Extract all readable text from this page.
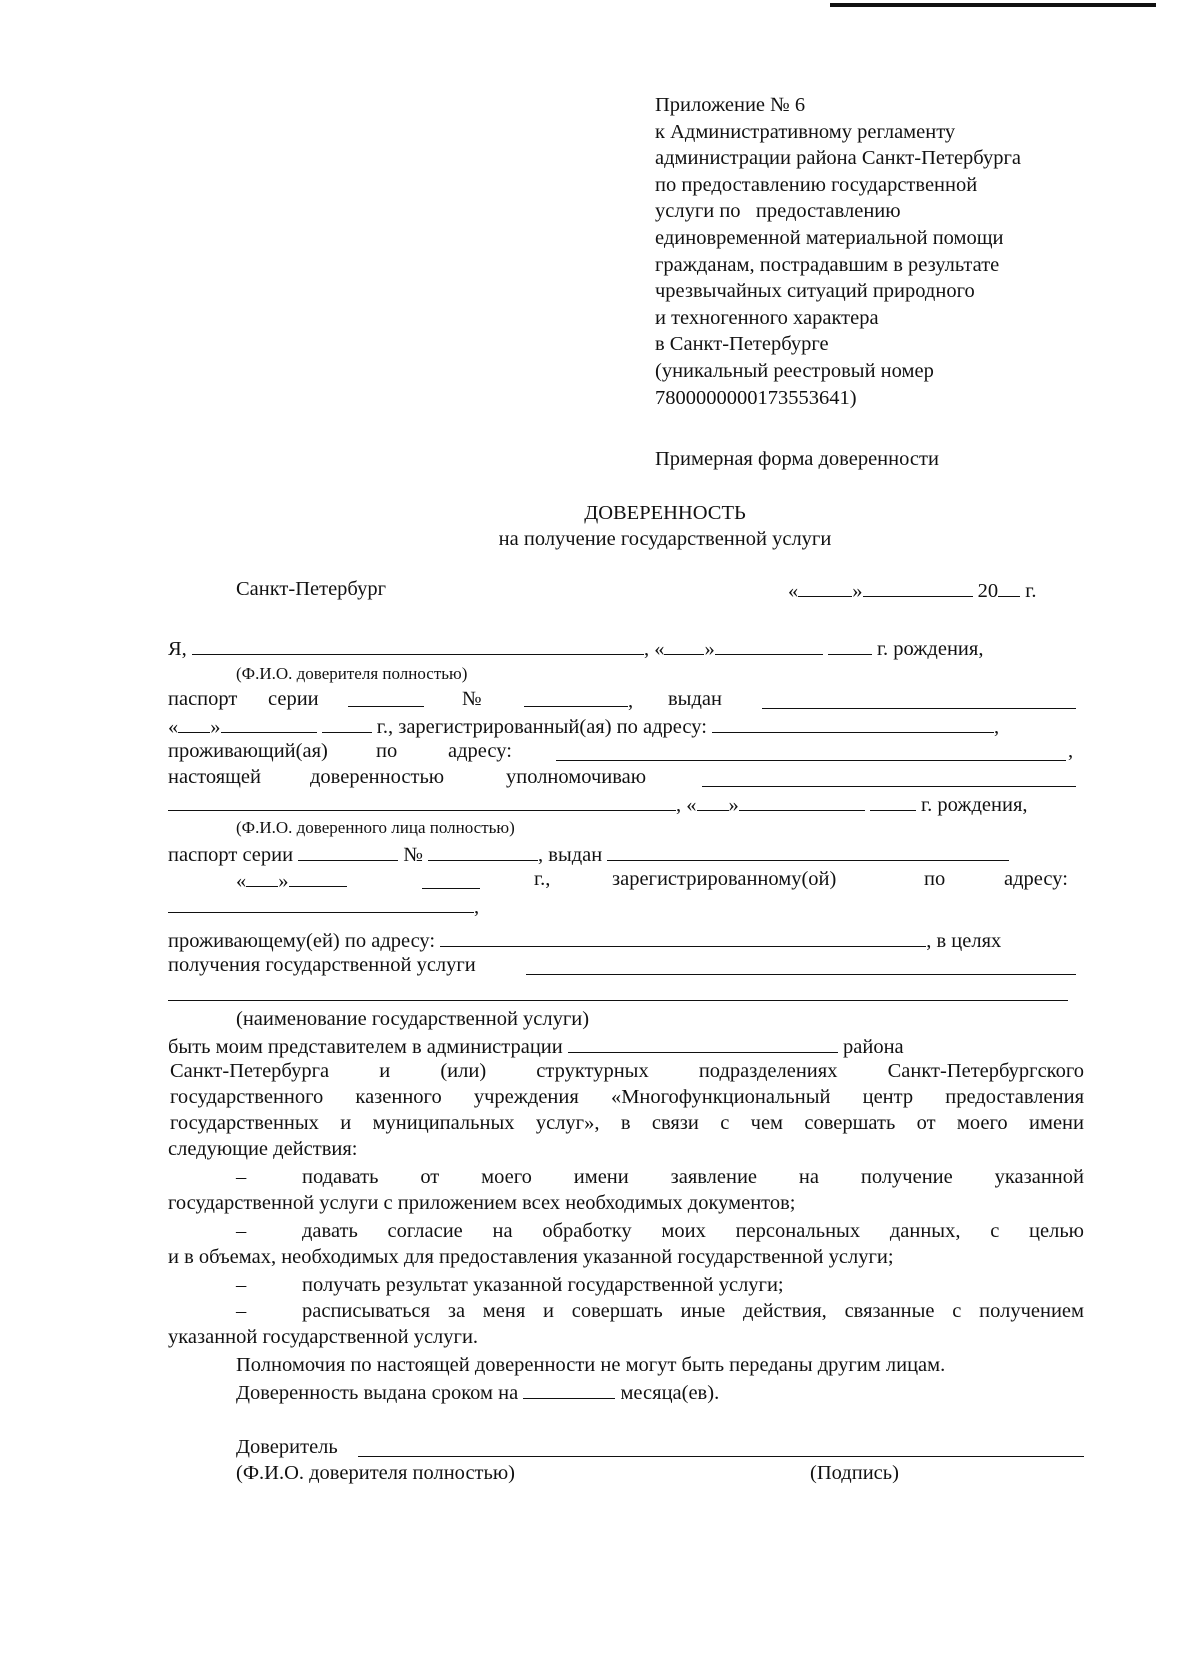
Приложение № 6
к Административному регламенту
администрации района Санкт-Петербурга
по предоставлению государственной
услуги по   предоставлению
единовременной материальной помощи
гражданам, пострадавшим в результате
чрезвычайных ситуаций природного
и техногенного характера
в Санкт-Петербурге
(уникальный реестровый номер
7800000000173553641)
Примерная форма доверенности
ДОВЕРЕННОСТЬ
на получение государственной услуги
Санкт-Петербург	«	»	20 г.
Я,	, « »	г. рождения,
(Ф.И.О. доверителя полностью)
паспорт серии	№	, выдан
« »	г., зарегистрированный(ая) по адресу:	,
проживающий(ая) по адресу:	,
настоящей доверенностью	уполномочиваю
, « »	г. рождения,
(Ф.И.О. доверенного лица полностью)
паспорт серии	№	, выдан
« »	г.,	зарегистрированному(ой)	по	адресу:
,
проживающему(ей) по адресу:	, в целях
получения государственной услуги
(наименование государственной услуги)
быть моим представителем в администрации	района
Санкт-Петербурга и (или) структурных подразделениях Санкт-Петербургского
государственного казенного учреждения «Многофункциональный центр предоставления
государственных и муниципальных услуг», в связи с чем совершать от моего имени
следующие действия:
–	подавать от моего имени заявление на получение указанной
государственной услуги с приложением всех необходимых документов;
–	давать согласие на обработку моих персональных данных, с целью
и в объемах, необходимых для предоставления указанной государственной услуги;
–	получать результат указанной государственной услуги;
–	расписываться за меня и совершать иные действия, связанные с получением
указанной государственной услуги.
Полномочия по настоящей доверенности не могут быть переданы другим лицам.
Доверенность выдана сроком на	месяца(ев).
Доверитель
(Ф.И.О. доверителя полностью)	(Подпись)
